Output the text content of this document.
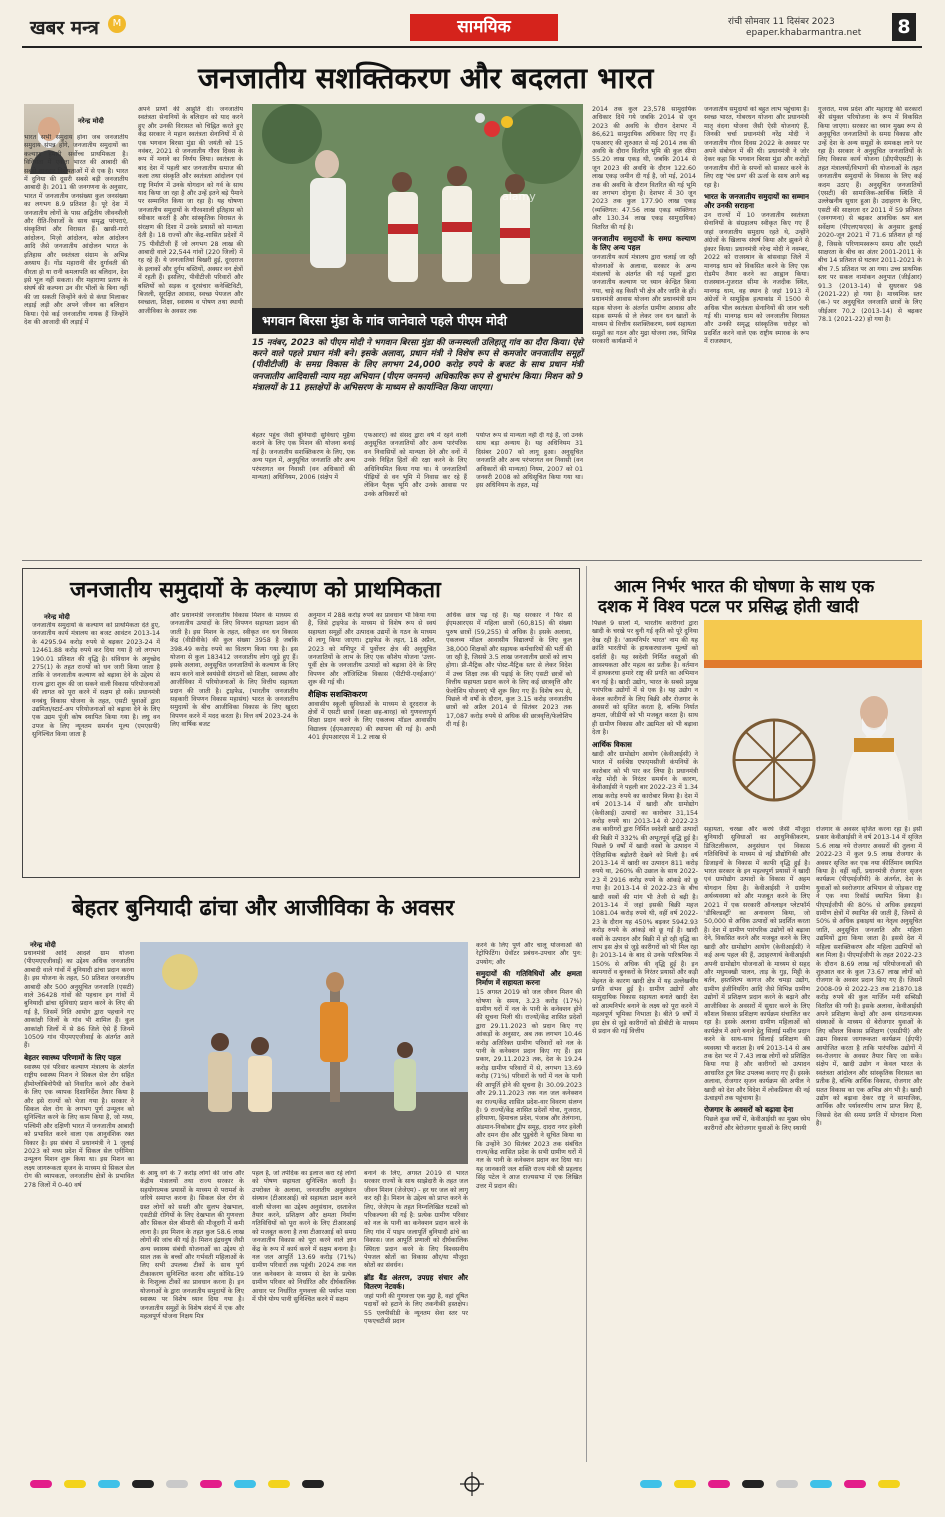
खबर मन्त्र	M	सामयिक	रांची सोमवार 11 दिसंबर 2023
epaper.khabarmantra.net 8
जनजातीय सशक्तिकरण और बदलता भारत
नरेन्द्र मोदी

भारत सभी समुदाय होना जब जनजातीय समुदाय संपन्न होंगे, जनजातीय समुदायों का कल्याण हमारी सर्वोच्च प्राथमिकता है। विविधता में एकता भारत की आबादी की सबसे शानदार विशेषताओं में से एक है। भारत में दुनिया की दूसरी सबसे बड़ी जनजातीय आबादी है। 2011 की जनगणना के अनुसार, भारत में जनजातीय जनसंख्या कुल जनसंख्या का लगभग 8.9 प्रतिशत है। पूरे देश में जनजातीय लोगों के पास अद्वितीय जीवनशैली और रीति-रिवाजों के साथ समृद्ध परंपराएं, संस्कृतियां और विरासत हैं। खासी-गारो आंदोलन, मिज़ो आंदोलन, कोल आंदोलन आदि जैसे जनजातीय आंदोलन भारत के इतिहास और स्वतंत्रता संग्राम के अभिन्न अध्याय हैं। गोंड महारानी वीर दुर्गावती की वीरता हो या रानी कमलापति का बलिदान, देश इसे भूल नहीं सकता। वीर महाराणा प्रताप के संघर्ष की कल्पना उन वीर भीलों के बिना नहीं की जा सकती जिन्होंने कंधे से कंधा मिलाकर लड़ाई लड़ी और अपने जीवन का बलिदान किया। ऐसे कई जनजातीय नायक हैं जिन्होंने देश की आजादी की लड़ाई में

अपने प्राणों की आहुति दी। जनजातीय स्वतंत्रता सेनानियों के बलिदान को याद करने हुए और उनकी विरासत को चिह्नित करते हुए केंद्र सरकार ने महान स्वतंत्रता सेनानियों में से एक भगवान बिरसा मुंडा की जयंती को 15 नवंबर, 2021 से जनजातीय गौरव दिवस के रूप में मनाने का निर्णय लिया। स्वतंत्रता के बाद देश में पहली बार जनजातीय समाज की कला तथा संस्कृति और स्वतंत्रता आंदोलन एवं राष्ट्र निर्माण में उनके योगदान को गर्व के साथ याद किया जा रहा है और उन्हें इतने बड़े पैमाने पर सम्मानित किया जा रहा है। यह घोषणा जनजातीय समुदायों के गौरवशाली इतिहास को स्वीकार करती है और सांस्कृतिक विरासत के संरक्षण की दिशा में उनके प्रयासों को मान्यता देती है। 18 राज्यों और केंद्र-शासित प्रदेशों में 75 पीवीटीजी हैं जो लगभग 28 लाख की आबादी वाले 22,544 गांवों (220 जिलों) में रह रहे हैं। ये जनजातियां बिखरी हुई, दूरदराज के इलाकों और दुर्गम बस्तियों, अक्सर वन क्षेत्रों में रहती हैं। इसलिए, पीवीटीजी परिवारों और बस्तियों को सड़क व दूरसंचार कनेक्टिविटी, बिजली, सुरक्षित आवास, स्वच्छ पेयजल और स्वच्छता, शिक्षा, स्वास्थ्य व पोषण तथा स्थायी आजीविका के अवसर तक

alamy
भगवान बिरसा मुंडा के गांव जानेवाले पहले पीएम मोदी
15 नवंबर, 2023 को पीएम मोदी ने भगवान बिरसा मुंडा की जन्मस्थली उलिहातू गांव का दौरा किया। ऐसे करने वाले पहले प्रधान मंत्री बने। इसके अलावा, प्रधान मंत्री ने विशेष रूप से कमजोर जनजातीय समूहों (पीवीटीजी) के समग्र विकास के लिए लगभग 24,000 करोड़ रुपये के बजट के साथ प्रधान मंत्री जनजातीय आदिवासी न्याय महा अभियान (पीएम जनमन) अधिकारिक रूप से शुभारंभ किया। मिशन को 9 मंत्रालयों के 11 हस्तक्षेपों के अभिसरण के माध्यम से कार्यान्वित किया जाएगा।

बेहतर पहुंच जैसी बुनियादी सुविधाएं मुहैया कराने के लिए एक मिशन की योजना बनाई गई है। जनजातीय सशक्तिकरण के लिए, एक अन्य पहल में, अनुसूचित जनजाति और अन्य परंपरागत वन निवासी (वन अधिकारों की मान्यता) अधिनियम, 2006 (संक्षेप में

एफआरए) को संसद द्वारा वर्ष में रहने वाली अनुसूचित जनजातियों और अन्य पारंपरिक वन निवासियों को मान्यता देने और वनों में उनके निहित हितों की रक्षा करने के लिए अधिनियमित किया गया था। ये जनजातियाँ पीढ़ियों से वन भूमि में निवास कर रहे हैं लेकिन पैतृक भूमि और उनके आवास पर उनके अधिकारों को

पर्याप्त रूप से मान्यता नहीं दी गई है, जो उनके साथ बड़ा अन्याय है। यह अधिनियम 31 दिसंबर 2007 को लागू हुआ। अनुसूचित जनजाति और अन्य परंपरागत वन निवासी (वन अधिकारों की मान्यता) नियम, 2007 को 01 जनवरी 2008 को अधिसूचित किया गया था। इस अधिनियम के तहत, मई

2014 तक कुल 23,578 सामुदायिक अधिकार दिये गये जबकि 2014 से जून 2023 की अवधि के दौरान देशभर में 86,621 सामुदायिक अधिकार दिए गए हैं। एफआरए की शुरुआत से मई 2014 तक की अवधि के दौरान वितरित भूमि की कुल सीमा 55.20 लाख एकड़ थी, जबकि 2014 से जून 2023 की अवधि के दौरान 122.60 लाख एकड़ जमीन दी गई है, जो मई, 2014 तक की अवधि के दौरान वितरित की गई भूमि का लगभग दोगुना है। देशभर में 30 जून 2023 तक कुल 177.90 लाख एकड़ (व्यक्तिगत: 47.56 लाख एकड़ व्यक्तिगत और 130.34 लाख एकड़ सामुदायिक) वितरित की गई है।

जनजातीय समुदायों के समग्र कल्याण के लिए अन्य पहल

जनजातीय कार्य मंत्रालय द्वारा चलाई जा रही योजनाओं के अलावा, सरकार के अन्य मंत्रालयों के अंतर्गत की गई पहलों द्वारा जनजातीय कल्याण पर ध्यान केन्द्रित किया गया, चाहे वह किसी भी क्षेत्र और जाति के हों। प्रधानमंत्री आवास योजना और प्रधानमंत्री ग्राम सड़क योजना के अंतर्गत ग्रामीण आवास और सड़क सम्पर्क से ले लेकर जन धन खातों के माध्यम से वित्तीय सशक्तिकरण, स्वयं सहायता समूहों का गठन और मुद्रा योजना तक, विभिन्न सरकारी कार्यक्रमों ने

जनजातीय समुदायों को बहुत लाभ पहुंचाया है। स्वच्छ भारत, गोबरधन योजना और प्रधानमंत्री मातृ वंदना योजना जैसी ऐसी योजनाएं हैं, जिनकी चर्चा प्रधानमंत्री नरेंद्र मोदी ने जनजातीय गौरव दिवस 2022 के अवसर पर अपने संबोधन में की थी। प्रधानमंत्री ने जोर देकर कहा कि भगवान बिरसा मुंडा और करोड़ों जनजातीय वीरों के सपनों को साकार करने के लिए राष्ट्र 'पंच प्रण' की ऊर्जा के साथ आगे बढ़ रहा है।

भारत के जनजातीय समुदायों का सम्मान और उनकी सराहना

उन राज्यों में 10 जनजातीय स्वतंत्रता सेनानियों के संग्रहालय स्वीकृत किए गए हैं जहां जनजातीय समुदाय रहते थे, उन्होंने अंग्रेजों के खिलाफ संघर्ष किया और झुकने से इंकार किया। प्रधानमंत्री नरेन्द्र मोदी ने नवम्बर, 2022 को राजस्थान के बांसवाड़ा जिले में मानगढ़ धाम को विकसित करने के लिए एक रोडमैप तैयार करने का आह्वान किया। राजस्थान-गुजरात सीमा के नजदीक स्थित, मानगढ़ धाम, वह स्थान है जहां 1913 में अंग्रेजों ने सामूहिक हत्याकांड में 1500 से अधिक भील स्वतंत्रता सेनानियों की जान चली गई थी। मानगढ़ धाम को जनजातीय विरासत और उनकी समृद्ध सांस्कृतिक धरोहर को प्रदर्शित करने वाले एक राष्ट्रीय स्मारक के रूप में राजस्थान,

गुजरात, मध्य प्रदेश और महाराष्ट्र की सरकारों की संयुक्त परियोजना के रूप में विकसित किया जाएगा। सरकार का ध्यान मुख्य रूप से अनुसूचित जनजातियों के समग्र विकास और उन्हें देश के अन्य समूहों के समकक्ष लाने पर रहा है। सरकार ने अनुसूचित जनजातियों के लिए विकास कार्य योजना (डीएपीएसटी) के तहत मंत्रालयों/विभागों की योजनाओं के तहत जनजातीय समुदायों के विकास के लिए कई कदम उठाए हैं। अनुसूचित जनजातियों (एसटी) की सामाजिक-आर्थिक स्थिति में उल्लेखनीय सुधार हुआ है। उदाहरण के लिए, एसटी की साक्षरता दर 2011 में 59 प्रतिशत (जनगणना) से बढ़कर आवधिक श्रम बल सर्वेक्षण (पीएलएफएस) के अनुसार ढुलाई 2020-जून 2021 में 71.6 प्रतिशत हो गई है, जिसके परिणामस्वरूप समग्र और एसटी साक्षरता के बीच का अंतर 2001-2011 के बीच 14 प्रतिशत से घटकर 2011-2021 के बीच 7.5 प्रतिशत पर आ गया। उच्च प्राथमिक स्तर पर सकल नामांकन अनुपात (जीईआर) 91.3 (2013-14) से सुधरकर 98 (2021-22) हो गया है। माध्यमिक स्तर (क-) पर अनुसूचित जनजाति छात्रों के लिए जीईआर 70.2 (2013-14) से बढ़कर 78.1 (2021-22) हो गया है।

जनजातीय समुदायों के कल्याण को प्राथमिकता
नरेन्द्र मोदी

जनजातीय समुदायों के कल्याण को प्राथमिकता देते हुए, जनजातीय कार्य मंत्रालय का बजट आवंटन 2013-14 के 4295.94 करोड़ रुपये से बढ़कर 2023-24 में 12461.88 करोड़ रुपये कर दिया गया है जो लगभग 190.01 प्रतिशत की वृद्धि है। संविधान के अनुच्छेद 275(1) के तहत राज्यों को धन जारी किया जाता है ताकि वे जनजातीय कल्याण को बढ़ावा देने के उद्देश्य से राज्य द्वारा शुरू की जा सकने वाली विकास परियोजनाओं की लागत को पूरा करने में सक्षम हो सकें। प्रधानमंत्री वनबंधु विकास योजना के तहत, एसटी युवाओं द्वारा उद्यमिता/स्टार्ट-अप परियोजनाओं को बढ़ावा देने के लिए एक उद्यम पूंजी कोष स्थापित किया गया है। लघु वन उपज के लिए न्यूनतम समर्थन मूल्य (एमएसपी) सुनिश्चित किया जाता है

और प्रधानमंत्री जनजातीय विकास मिशन के माध्यम से जनजातीय उत्पादों के लिए विपणन सहायता प्रदान की जाती है। इस मिशन के तहत, स्वीकृत वन धन विकास केंद्र (वीडीवीके) की कुल संख्या 3958 है जबकि 398.49 करोड़ रुपये का वितरण किया गया है। इस योजना से कुल 183412 जनजातीय लोग जुड़े हुए हैं। इसके अलावा, अनुसूचित जनजातियों के कल्याण के लिए काम करने वाले स्वयंसेवी संगठनों को शिक्षा, स्वास्थ्य और आजीविका में परियोजनाओं के लिए वित्तीय सहायता प्रदान की जाती है। ट्राइफेड, (भारतीय जनजातीय सहकारी विपणन विकास महासंघ) भारत के जनजातीय समुदायों के बीच आजीविका विकास के लिए खुदरा विपणन करने में मदद करता है। वित्त वर्ष 2023-24 के लिए वार्षिक बजट

अनुमान में 288 करोड़ रुपये का प्रावधान भी किया गया है, जिसे ट्राइफेड के माध्यम से विशेष रूप से स्वयं सहायता समूहों और उत्पादक उद्यमों के गठन के माध्यम से लागू किया जाएगा। ट्राइफेड के तहत, 18 अप्रैल, 2023 को मणिपुर में पुर्वोत्तर क्षेत्र की अनुसूचित जनजातियों के लाभ के लिए एक कौशेय योजना 'उत्तर-पूर्वी क्षेत्र के जनजातीय उत्पादों को बढ़ावा देने के लिए विपणन और लॉजिस्टिक विकास (पीटीपी-एनईआर)' शुरू की गई थी।

शैक्षिक सशक्तिकरण

आवासीय स्कूली सुविधाओं के माध्यम से दूरदराज के क्षेत्रों में एसटी छात्रों (कक्षा छह-बारह) को गुणवत्तापूर्ण शिक्षा प्रदान करने के लिए एकलव्य मॉडल आवासीय विद्यालय (ईएमआरएस) की स्थापना की गई है। अभी 401 ईएमआरएस में 1.2 लाख से

अधिक छात्र पढ़ रहे हैं। यह सरकार ने फिर से ईएमआरएस में महिला छात्रों (60,815) की संख्या पुरुष छात्रों (59,255) से अधिक है। इसके अलावा, एकलव्य मॉडल आवासीय विद्यालयों के लिए कुल 38,000 शिक्षकों और सहायक कर्मचारियों की भर्ती की जा रही है, जिससे 3.5 लाख जनजातीय छात्रों को लाभ होगा। प्री-मैट्रिक और पोस्ट-मैट्रिक स्तर से लेकर विदेश में उच्च शिक्षा तक की पढ़ाई के लिए एसटी छात्रों को वित्तीय सहायता प्रदान करने के लिए कई छात्रवृत्ति और फ़ेलोशिप योजनाएं भी शुरू किए गए हैं। विशेष रूप से, पिछले नौ वर्षों के दौरान, कुल 3.15 करोड़ जनजातीय छात्रों को अप्रैल 2014 से सितंबर 2023 तक 17,087 करोड़ रुपये से अधिक की छात्रवृत्ति/फेलोशिप दी गई है।

आत्म निर्भर भारत की घोषणा के साथ एक
दशक में विश्व पटल पर प्रसिद्ध होती खादी

पिछले 9 सालों में, भारतीय कारीगरों द्वारा खादी के चरखे पर बुनी गई कृति को पूरे दुनिया देख रही है। 'आत्मनिर्भर भारत' नाम की यह क्रांति भारतीयों के हाथकरघाजन्य मूल्यों को दर्शाती है। यह स्वदेशी निर्मित वस्तुओं की आवश्यकता और महत्व का प्रतीक है। वर्तमान में हाथकरघा हमारे राष्ट्र की प्रगति का अभिमान बन गई है। खादी उद्योग, भारत के सबसे प्रमुख पारंपरिक उद्योगों में से एक है। यह उद्योग न केवल कारीगरों के लिए बिक्री और रोजगार के अवसरों को सृजित करता है, बल्कि निर्यात क्षमता, जीडीपी को भी मजबूत करता है। साथ ही ग्रामीण विकास और उद्यमिता को भी बढ़ावा देता है।

आर्थिक विकास

खादी और ग्रामोद्योग आयोग (केवीआईसी) ने भारत में सर्वश्रेष्ठ एफएमसीजी कंपनियों के कारोबार को भी पार कर लिया है। प्रधानमंत्री नरेंद्र मोदी के निरंतर समर्थन के कारण, केवीआईसी ने पहली बार 2022-23 में 1.34 लाख करोड़ रुपये का कारोबार किया है। देश में वर्ष 2013-14 में खादी और ग्रामोद्योग (केवीआई) उत्पादों का कारोबार 31,154 करोड़ रुपये था। 2013-14 से 2022-23 तक कारीगरों द्वारा निर्मित स्वदेशी खादी उत्पादों की बिक्री में 332% की अभूतपूर्व वृद्धि हुई है। पिछले 9 वर्षों में खादी वस्त्रों के उत्पादन में ऐतिहासिक बढ़ोतरी देखने को मिली है। वर्ष 2013-14 में खादी का उत्पादन 811 करोड़ रुपये था, 260% की उछाल के साथ 2022-23 में 2916 करोड़ रुपये के आंकड़े को छू गया है। 2013-14 से 2022-23 के बीच खादी वस्त्रों की मांग भी तेजी से बढ़ी है। 2013-14 में जहां इसकी बिक्री महज 1081.04 करोड़ रुपये थी, वहीं वर्ष 2022-23 के दौरान यह 450% बढ़कर 5942.93 करोड़ रुपये के आंकड़े को छू गई है। खादी वस्त्रों के उत्पादन और बिक्री में हो रही वृद्धि का लाभ इस क्षेत्र से जुड़े कारीगरों को भी मिल रहा है। 2013-14 के बाद से उनके पारिश्रमिक में 150% से अधिक की वृद्धि हुई है। इन कामगारों व बुनकरों के निरंतर प्रयासों और कड़ी मेहनत के कारण खादी क्षेत्र में यह उल्लेखनीय प्रगति संभव हुई है। ग्रामीण उद्योगों और सामुदायिक विकास सहायता बनाते खादी देश को आत्मनिर्भर बनाने के लक्ष्य को पूरा करने में महत्वपूर्ण भूमिका निभाता है। बीते 9 वर्षों में इस क्षेत्र से जुड़े कारीगरों को डीबीटी के माध्यम से प्रदान की गई वित्तीय

सहायता, चरखा और करघे जैसी मौजूदा बुनियादी सुविधाओं का आधुनिकीकरण, डिजिटलीकरण, अनुसंधान एवं विकास गतिविधियों के माध्यम से नई प्रौद्योगिकी और डिजाइनों के विकास में काफी वृद्धि हुई है। भारत सरकार के इन महत्वपूर्ण प्रयासों ने खादी एवं ग्रामोद्योग उत्पादों के विकास में अहम योगदान दिया है। केवीआईसी ने ग्रामीण अर्थव्यवस्था को और मजबूत करने के लिए 2021 में एक सरकारी ऑनलाइन प्लेटफॉर्म 'डीबिल्डर्स्ट्री' का अनावरण किया, जो 50,000 से अधिक उत्पादों को प्रदर्शित करता है। देश में ग्रामीण पारंपरिक उद्योगों को बढ़ावा देने, विकसित करने और मजबूत करने के लिए खादी और ग्रामोद्योग आयोग (केवीआईसी) ने कई अन्य पहल की हैं, उदाहरणार्थ केवीआईसी अपनी ग्रामोद्योग योजनाओं के माध्यम से सहद और मधुमक्खी पालन, ताड़ के गुड़, मिट्टी के बर्तन, हस्तशिल्प कागज और चमड़ा उद्योग, ग्रामीण इंजीनियरिंग आदि जैसे विभिन्न ग्रामीण उद्योगों में प्रशिक्षण प्रदान करने के बढ़ाने और आजीविका के अवसरों में सुधार करने के लिए कौशल विकास प्रशिक्षण कार्यक्रम संचालित कर रहा है। इसके अलावा ग्रामीण महिलाओं को कार्यक्षेत्र में आगे बनाने हेतु सिलाई मशीन प्रदान करने के साथ-साथ सिलाई प्रशिक्षण की व्यवस्था भी कराता है। वर्ष 2013-14 से अब तक देश भर में 7.43 लाख लोगों को प्रशिक्षित किया गया है और कारीगरों को उत्पादन आधारित टूल किट उपलब्ध कराए गए हैं। इसके अलावा, रोजगार सृजन कार्यक्रम की अपील ने खादी को देश और विदेश में लोकप्रियता की नई ऊंचाइयों तक पहुंचाया है।

रोजगार के अवसरों को बढ़ावा देना

पिछले कुछ वर्षों में, केवीआईसी का मुख्य ध्येय कारीगरों और बेरोजगार युवाओं के लिए स्थायी

रोजगार के अवसर सृजित करना रहा है। इसी प्रकार केवीआईसी ने वर्ष 2013-14 में सृजित 5.6 लाख नये रोजगार अवसरों की तुलना में 2022-23 में कुल 9.5 लाख रोजगार के अवसर सृजित कर एक नया कीर्तिमान स्थापित किया है। वहीं वहीं, प्रधानमंत्री रोजगार सृजन कार्यक्रम (पीएमईजीपी) के अंतर्गत, देश के युवाओं को स्वरोजगार अभियान से जोड़कर राष्ट्र ने एक नया रिकॉर्ड स्थापित किया है। पीएमईजीपी की 80% से अधिक इकाइयां ग्रामीण क्षेत्रों में स्थापित की जाती हैं, जिनमें से 50% से अधिक इकाइयां का नेतृत्व अनुसूचित जाति, अनुसूचित जनजाति और महिला उद्यमियों द्वारा किया जाता है। इससे देश में महिला सशक्तिकरण और महिला उद्यमियों को बल मिला है। पीएमईजीपी के तहत 2022-23 के दौरान 8.69 लाख नई परियोजनाओं की शुरुआत कर के कुल 73.67 लाख लोगों को रोजगार के अवसर प्रदान किए गए हैं। जिसमें 2008-09 से 2022-23 तक 21870.18 करोड़ रुपये की कुल मार्जिन मनी सब्सिडी वितरित की गयी है। इसके अलावा, केवीआईसी अपने प्रशिक्षण केन्द्रों और अन्य संगठनात्मक संस्थाओं के माध्यम से बेरोजगार युवाओं के लिए कौशल विकास प्रशिक्षण (एसडीपी) और उद्यम विकास जागरूकता कार्यक्रम (ईएपी) आयोजित करता है ताकि पारंपरिक उद्योगों में स्व-रोजगार के अवसर तैयार किए जा सकें। संक्षेप में, खादी उद्योग न केवल भारत के स्वतंत्रता आंदोलन और सांस्कृतिक विरासत का प्रतीक है, बल्कि आर्थिक विकास, रोजगार और सतत विकास का एक अभिन्न अंग भी है। खादी उद्योग को बढ़ावा देकर राष्ट्र ने सामाजिक, आर्थिक और पर्यावरणीय लाभ प्राप्त किए हैं, जिससे देश की समग्र प्रगति में योगदान मिला है।

बेहतर बुनियादी ढांचा और आजीविका के अवसर
नरेन्द्र मोदी

प्रधानमंत्री आदि आदर्श ग्राम योजना (पीएमएएजीवाई) का उद्देश्य अधिक जनजातीय आबादी वाले गांवों में बुनियादी ढांचा प्रदान करना है। इस योजना के तहत, 50 प्रतिशत जनजातीय आबादी और 500 अनुसूचित जनजाति (एसटी) वाले 36428 गांवों की पहचान इन गांवों में बुनियादी ढांचा सुविधाएं प्रदान करने के लिए की गई है, जिसमें निति आयोग द्वारा पहचाने गए आकांक्षी जिलों के गांव भी शामिल हैं। कुल आकांक्षी जिलों में से 86 जिले ऐसे हैं जिनमें 10509 गांव पीएमएएजीवाई के अंतर्गत आते हैं।

बेहतर स्वास्थ्य परिणामों के लिए पहल

स्वास्थ्य एवं परिवार कल्याण मंत्रालय के अंतर्गत राष्ट्रीय स्वास्थ्य मिशन ने सिकल सेल रोग सहित हीमोग्लोबिनोपैथी को निवारित करने और रोकने के लिए एक व्यापक दिशानिर्देश तैयार किया है और इसे राज्यों को भेजा गया है। सरकार ने सिकल सेल रोग के लगभग पूर्ण उन्मूलन को सुनिश्चित करने के लिए काम किया है, जो मध्य, पश्चिमी और दक्षिणी भारत में जनजातीय आबादी को प्रभावित करने वाला एक आनुवंशिक रक्त विकार है। इस संबंध में प्रधानमंत्री ने 1 जुलाई 2023 को मध्य प्रदेश में सिकल सेल एनीमिया उन्मूलन मिशन शुरू किया था। इस मिशन का लक्ष्य जागरूकता सृजन के माध्यम से सिकल सेल रोग की व्यापकता, जनजातीय क्षेत्रों के प्रभावित 278 जिलों में 0-40 वर्ष

के आयु वर्ग के 7 करोड़ लोगों की जांच और केंद्रीय मंत्रालयों तथा राज्य सरकार के सहयोगात्मक प्रयासों के माध्यम से परामर्श के जरिये समाप्त करना है। सिकल सेल रोग से ग्रस्त लोगों को सस्ती और सुलभ देखभाल, एसटीडी रोगियों के लिए देखभाल की गुणवत्ता और सिकल सेल बीमारी की मौजूदगी में कमी लाना है। इस मिशन के तहत कुल 58.6 लाख लोगों की जांच की गई है। मिशन इंद्रधनुष जैसी अन्य स्वास्थ्य संबंधी योजनाओं का उद्देश्य दो साल तक के बच्चों और गर्भवती महिलाओं के लिए सभी उपलब्ध टीकों के साथ पूर्ण टीकाकरण सुनिश्चित करना और कोविड-19 के निःशुल्क टीकों का प्रावधान करना है। इन योजनाओं के द्वारा जनजातीय समुदायों के लिए स्वास्थ्य पर विशेष ध्यान दिया गया है। जनजातीय समूहों के विशेष संदर्भ में एक और महत्वपूर्ण योजना निक्षय मित्र

पहल है, जो तपेदिक का इलाज करा रहे लोगों को पोषण सहायता सुनिश्चित करती है। उपरोक्त के अलावा, जनजातीय अनुसंधान संस्थान (टीआरआई) को सहायता प्रदान करने वाली योजना का उद्देश्य अनुसंधान, दस्तावेज तैयार करने, प्रशिक्षण और क्षमता निर्माण गतिविधियों को पूरा करने के लिए टीआरआई को मजबूत करना है तथा टीआरआई को समग्र जनजातीय विकास को पूरा करने वाले ज्ञान केंद्र के रूप में कार्य करने में सक्षम बनाना है। नल जल आपूर्ति 13.69 करोड़ (71%) ग्रामीण परिवारों तक पहुंची। 2024 तक नल जल कनेक्शन के माध्यम से देश के प्रत्येक ग्रामीण परिवार को निर्धारित और दीर्घकालिक आधार पर निर्धारित गुणवत्ता की पर्याप्त मात्रा में पीने योग्य पानी सुनिश्चित करने में सक्षम

बनाने के लिए, अगस्त 2019 से भारत सरकार राज्यों के साथ साझेदारी के तहत जल जीवन मिशन (जेजेएम) - हर घर जल को लागू कर रही है। मिशन के उद्देश्य को प्राप्त करने के लिए, जेजेएम के तहत निम्नलिखित घटकों को परिकल्पना की गई है: प्रत्येक ग्रामीण परिवार को नल के पानी का कनेक्शन प्रदान करने के लिए गांव में पाइप जलापूर्ति बुनियादी ढांचे का विकास। जल आपूर्ति प्रणाली को दीर्घकालिक स्थिरता प्रदान करने के लिए विश्वसनीय पेयजल स्रोतों का विकास और/या मौजूदा स्रोतों का संवर्धन।

ब्रॉड बैंड अंतरण, उपग्रह संचार और वितरण नेटवर्क।

जहां पानी की गुणवत्ता एक मुद्दा है, वहां दूषित पदार्थों को हटाने के लिए तकनीकी हस्तक्षेप। 55 एलपीसीडी के न्यूनतम सेवा स्तर पर एफएचटीसी प्रदान

करने के लिए पूर्ण और चालू योजनाओं की रेट्रोफिटिंग। ग्रेवॉटर प्रबंधन-उपचार और पुन: उपयोग; और

समुदायों की गतिविधियों और क्षमता निर्माण में सहायता करना

15 अगस्त 2019 को जल जीवन मिशन की घोषणा के समय, 3.23 करोड़ (17%) ग्रामीण घरों में नल के पानी के कनेक्शन होने की सूचना मिली थी। राज्यों/केंद्र शासित प्रदेशों द्वारा 29.11.2023 को प्रदान किए गए आंकड़ों के अनुसार, अब तक लगभग 10.46 करोड़ अतिरिक्त ग्रामीण परिवारों को नल के पानी के कनेक्शन प्रदान किए गए हैं। इस प्रकार, 29.11.2023 तक, देश के 19.24 करोड़ ग्रामीण परिवारों में से, लगभग 13.69 करोड़ (71%) परिवारों के घरों में नल के पानी की आपूर्ति होने की सूचना है। 30.09.2023 और 29.11.2023 तक नल जल कनेक्शन का राज्य/केंद्र शासित प्रदेश-वार विवरण संलग्न है। 9 राज्यों/केंद्र शासित प्रदेशों गोवा, गुजरात, हरियाणा, हिमाचल प्रदेश, पंजाब और तेलंगाना, अंडमान-निकोबार द्वीप समूह, दादरा नगर हवेली और दमन दीव और पुडुचेरी ने सूचित किया था कि उन्होंने 30 सितंबर 2023 तक संबंधित राज्य/केंद्र शासित प्रदेश के सभी ग्रामीण घरों में नल के पानी के कनेक्शन प्रदान कर दिया था। यह जानकारी जल शक्ति राज्य मंत्री श्री प्रहलाद सिंह पटेल ने आज राज्यसभा में एक लिखित उत्तर में प्रदान की।
